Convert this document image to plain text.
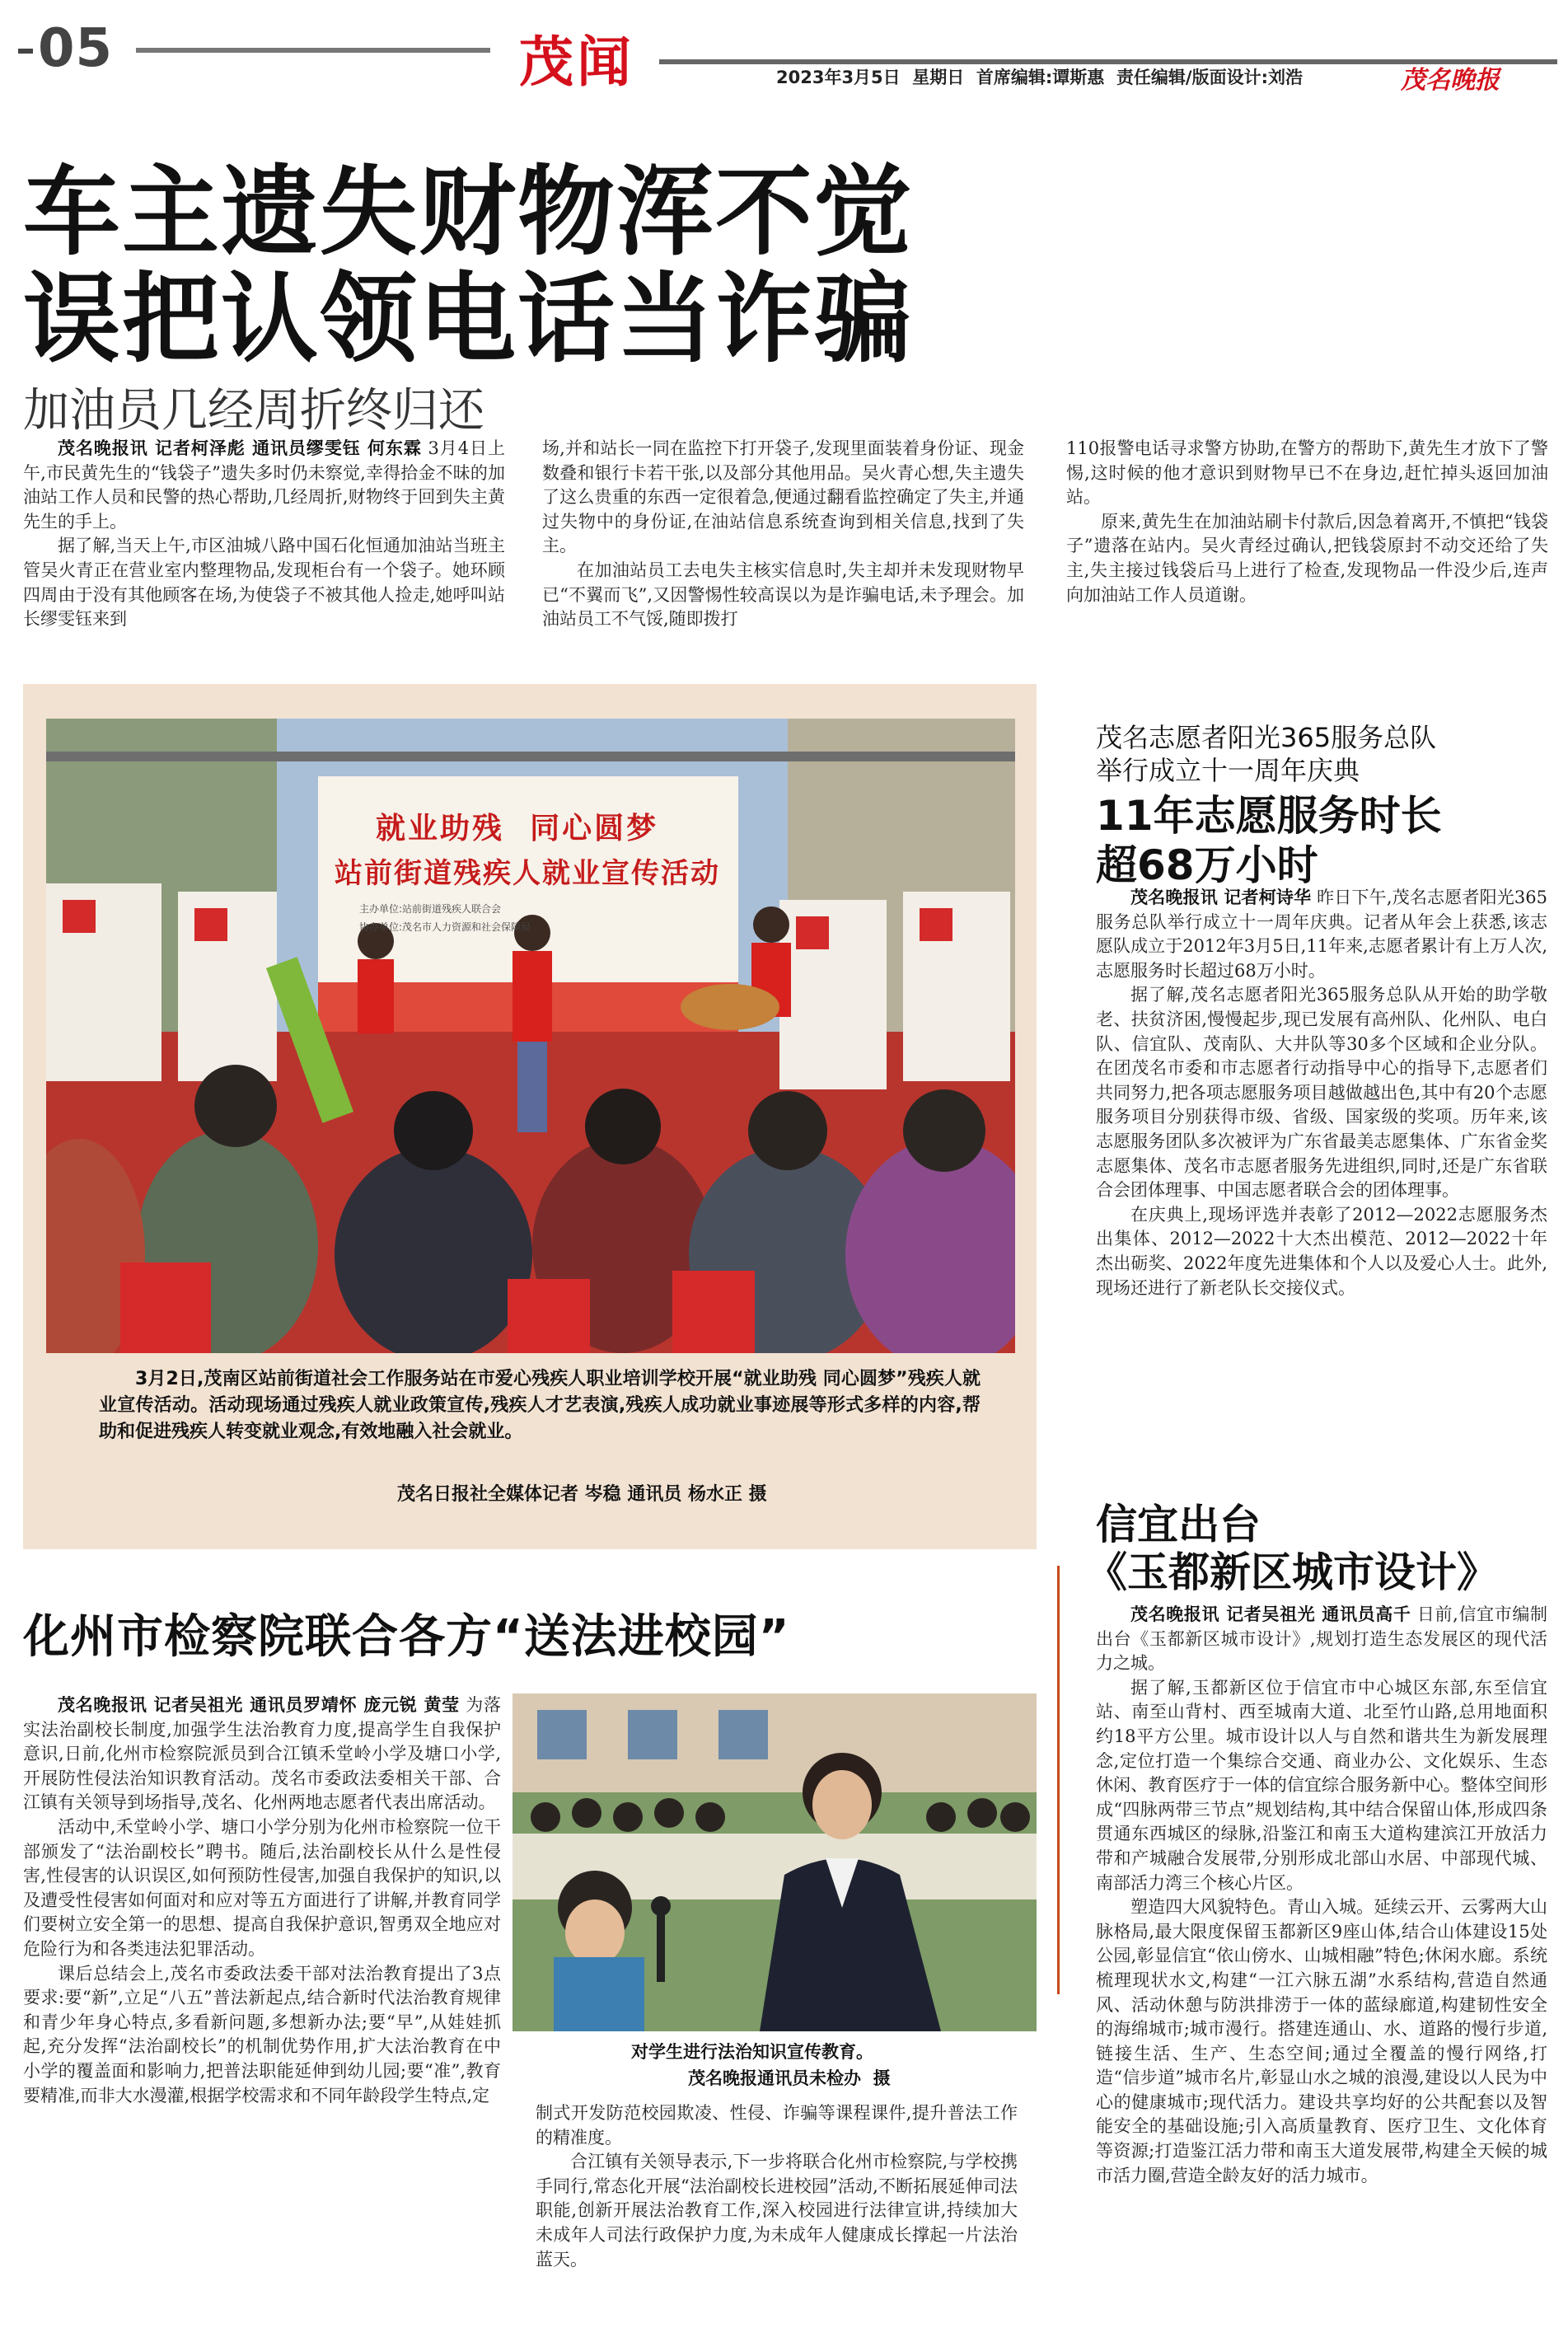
05	茂闻	2023年3月5日  星期日  首席编辑:谭斯惠  责任编辑/版面设计:刘浩	茂名晚报
车主遗失财物浑不觉
误把认领电话当诈骗
加油员几经周折终归还

茂名晚报讯 记者柯泽彪 通讯员缪雯钰 何东霖 3月4日上午,市民黄先生的“钱袋子”遗失多时仍未察觉,幸得拾金不昧的加油站工作人员和民警的热心帮助,几经周折,财物终于回到失主黄先生的手上。

据了解,当天上午,市区油城八路中国石化恒通加油站当班主管吴火青正在营业室内整理物品,发现柜台有一个袋子。她环顾四周由于没有其他顾客在场,为使袋子不被其他人捡走,她呼叫站长缪雯钰来到

场,并和站长一同在监控下打开袋子,发现里面装着身份证、现金数叠和银行卡若干张,以及部分其他用品。吴火青心想,失主遗失了这么贵重的东西一定很着急,便通过翻看监控确定了失主,并通过失物中的身份证,在油站信息系统查询到相关信息,找到了失主。

在加油站员工去电失主核实信息时,失主却并未发现财物早已“不翼而飞”,又因警惕性较高误以为是诈骗电话,未予理会。加油站员工不气馁,随即拨打

110报警电话寻求警方协助,在警方的帮助下,黄先生才放下了警惕,这时候的他才意识到财物早已不在身边,赶忙掉头返回加油站。

原来,黄先生在加油站刷卡付款后,因急着离开,不慎把“钱袋子”遗落在站内。吴火青经过确认,把钱袋原封不动交还给了失主,失主接过钱袋后马上进行了检查,发现物品一件没少后,连声向加油站工作人员道谢。

就业助残  同心圆梦
站前街道残疾人就业宣传活动
主办单位:站前街道残疾人联合会
协办单位:茂名市人力资源和社会保障局
3月2日,茂南区站前街道社会工作服务站在市爱心残疾人职业培训学校开展“就业助残 同心圆梦”残疾人就业宣传活动。活动现场通过残疾人就业政策宣传,残疾人才艺表演,残疾人成功就业事迹展等形式多样的内容,帮助和促进残疾人转变就业观念,有效地融入社会就业。
茂名日报社全媒体记者 岑稳 通讯员 杨水正 摄
茂名志愿者阳光365服务总队
举行成立十一周年庆典
11年志愿服务时长
超68万小时

茂名晚报讯 记者柯诗华 昨日下午,茂名志愿者阳光365服务总队举行成立十一周年庆典。记者从年会上获悉,该志愿队成立于2012年3月5日,11年来,志愿者累计有上万人次,志愿服务时长超过68万小时。

据了解,茂名志愿者阳光365服务总队从开始的助学敬老、扶贫济困,慢慢起步,现已发展有高州队、化州队、电白队、信宜队、茂南队、大井队等30多个区域和企业分队。在团茂名市委和市志愿者行动指导中心的指导下,志愿者们共同努力,把各项志愿服务项目越做越出色,其中有20个志愿服务项目分别获得市级、省级、国家级的奖项。历年来,该志愿服务团队多次被评为广东省最美志愿集体、广东省金奖志愿集体、茂名市志愿者服务先进组织,同时,还是广东省联合会团体理事、中国志愿者联合会的团体理事。

在庆典上,现场评选并表彰了2012—2022志愿服务杰出集体、2012—2022十大杰出模范、2012—2022十年杰出砺奖、2022年度先进集体和个人以及爱心人士。此外,现场还进行了新老队长交接仪式。

化州市检察院联合各方“送法进校园”

茂名晚报讯 记者吴祖光 通讯员罗靖怀 庞元锐 黄莹 为落实法治副校长制度,加强学生法治教育力度,提高学生自我保护意识,日前,化州市检察院派员到合江镇禾堂岭小学及塘口小学,开展防性侵法治知识教育活动。茂名市委政法委相关干部、合江镇有关领导到场指导,茂名、化州两地志愿者代表出席活动。

活动中,禾堂岭小学、塘口小学分别为化州市检察院一位干部颁发了“法治副校长”聘书。随后,法治副校长从什么是性侵害,性侵害的认识误区,如何预防性侵害,加强自我保护的知识,以及遭受性侵害如何面对和应对等五方面进行了讲解,并教育同学们要树立安全第一的思想、提高自我保护意识,智勇双全地应对危险行为和各类违法犯罪活动。

课后总结会上,茂名市委政法委干部对法治教育提出了3点要求:要“新”,立足“八五”普法新起点,结合新时代法治教育规律和青少年身心特点,多看新问题,多想新办法;要“早”,从娃娃抓起,充分发挥“法治副校长”的机制优势作用,扩大法治教育在中小学的覆盖面和影响力,把普法职能延伸到幼儿园;要“准”,教育要精准,而非大水漫灌,根据学校需求和不同年龄段学生特点,定

对学生进行法治知识宣传教育。
茂名晚报通讯员未检办  摄

制式开发防范校园欺凌、性侵、诈骗等课程课件,提升普法工作的精准度。

合江镇有关领导表示,下一步将联合化州市检察院,与学校携手同行,常态化开展“法治副校长进校园”活动,不断拓展延伸司法职能,创新开展法治教育工作,深入校园进行法律宣讲,持续加大未成年人司法行政保护力度,为未成年人健康成长撑起一片法治蓝天。

信宜出台
《玉都新区城市设计》

茂名晚报讯 记者吴祖光 通讯员高千 日前,信宜市编制出台《玉都新区城市设计》,规划打造生态发展区的现代活力之城。

据了解,玉都新区位于信宜市中心城区东部,东至信宜站、南至山背村、西至城南大道、北至竹山路,总用地面积约18平方公里。城市设计以人与自然和谐共生为新发展理念,定位打造一个集综合交通、商业办公、文化娱乐、生态休闲、教育医疗于一体的信宜综合服务新中心。整体空间形成“四脉两带三节点”规划结构,其中结合保留山体,形成四条贯通东西城区的绿脉,沿鉴江和南玉大道构建滨江开放活力带和产城融合发展带,分别形成北部山水居、中部现代城、南部活力湾三个核心片区。

塑造四大风貌特色。青山入城。延续云开、云雾两大山脉格局,最大限度保留玉都新区9座山体,结合山体建设15处公园,彰显信宜“依山傍水、山城相融”特色;休闲水廊。系统梳理现状水文,构建“一江六脉五湖”水系结构,营造自然通风、活动休憩与防洪排涝于一体的蓝绿廊道,构建韧性安全的海绵城市;城市漫行。搭建连通山、水、道路的慢行步道,链接生活、生产、生态空间;通过全覆盖的慢行网络,打造“信步道”城市名片,彰显山水之城的浪漫,建设以人民为中心的健康城市;现代活力。建设共享均好的公共配套以及智能安全的基础设施;引入高质量教育、医疗卫生、文化体育等资源;打造鉴江活力带和南玉大道发展带,构建全天候的城市活力圈,营造全龄友好的活力城市。
